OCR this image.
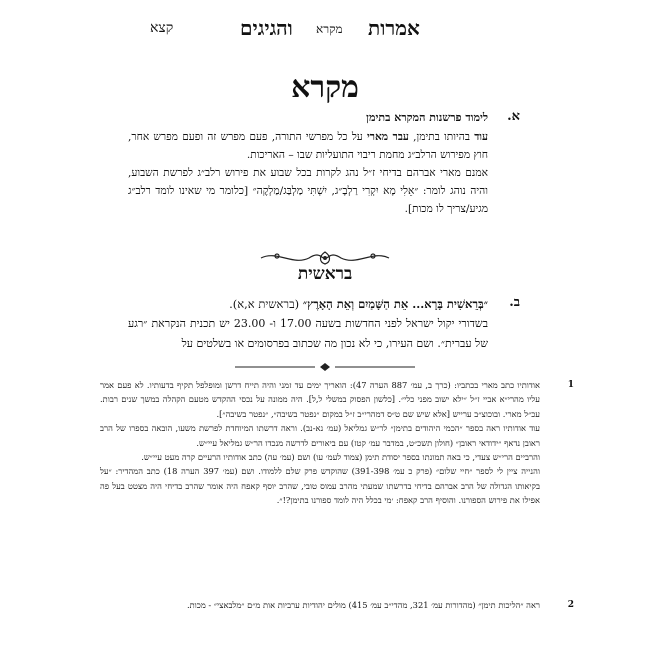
קצא	והגיגים מקרא אמרות
מקרא
א.
לימוד פרשנות המקרא בתימן
עוד בהיותו בתימן, עבר מארי על כל מפרשי התורה, פעם מפרש זה ופעם מפרש אחר, חוץ מפירוש הרלב״ג מחמת ריבוי התועליות שבו – האריכות.
אמנם מארי אברהם בדיחי ז״ל נהג לקרות בכל שבוע את פירוש רלב״ג לפרשת השבוע, והיה נוהג לומר: ״אֵלִי מָא יִקְרִי רַלְבָ״ג, יִשְׁתִּי מַלְבַּג/מַלְקֶה״ [כלומר מי שאינו לומד רלב״ג מגיע/צריך לו מכות].
בראשית
ב.
״בְּרֵאשִׁית בָּרָא... אֵת הַשָּׁמַיִם וְאֵת הָאָרֶץ״ (בראשית א,א).
בשדורי יקול ישראל לפני החדשות בשעה 17.00 ו- 23.00 יש תכנית הנקראת ״רגע של עברית״. ושם העירו, כי לא נכון מה שכתוב בפרסומים או בשלטים על
1

אודותיו כתב מארי בכתביו: (כרך ב, עמ׳ 887 הערה 47): הואריך ימים עד זמני והיה תייח דרשן ומופלפל תקיף בדעותיו. לא פעם אמר עליו מהרי״א אביי ז״ל ״ילא ישוב מפני כלי״. [כלשון הפסוק במשלי ל,ל]. היה ממונה על נכסי ההקדש מטעם הקהלה במשך שנים רבות. עכ״ל מארי. ובוכוצ״ב ערייש [אלא שיש שם ט״ס דמהרי״ב ז״ל במקום ״נפטר בשיבה״, ״נפטר בשיבה״].

עוד אודותיו ראה בספר ״הכמי היהודים בתימן״ לר״ש גמליאל (עמ׳ נא-נב). וראה דרשתו המיוחדת לפרשת משעו, הובאה בספרו של הרב ראובן נדאף ״ידודאי ראובן״ (חולון תשכ״ט, במדבר עמ׳ קטז) עם ביאורים לדרשה מנכדו הר״ש גמליאל עיי״ש.

והרביים הרי״ש צעדי, כי באה תמונתו בספר יסודת תימן (צמוד לעמ׳ עו) ושם (עמ׳ עה) כתב אודותיו הרעיים קרה מעט עיי״ש.

והנייה ציין לי לספר ״חיי שלום״ (פרק כ עמ׳ 391-398) שהוקדש פרק שלם ללמודו. ושם (עמ׳ 397 הערה 18) כתב המהדיר: ״על בקיאותו הגדולה של הרב אברהם בדיחי בדרשתו שמעתי מהרב עמוס טובי, שהרב יוסף קאפח היה אומר שהרב בדיחי היה מצטט בעל פה אפילו את פירוש הספורנו. והוסיף הרב קאפח: ׳מי בכלל היה לומד ספורנו בתימן?!״.

2

ראה ״הליכות תימן״ (מהדורות עמ׳ 321, מהדי״ב עמ׳ 415) מולים יהודיות ערביות אות מ״ם ״מלבאצי״ - מכות.
